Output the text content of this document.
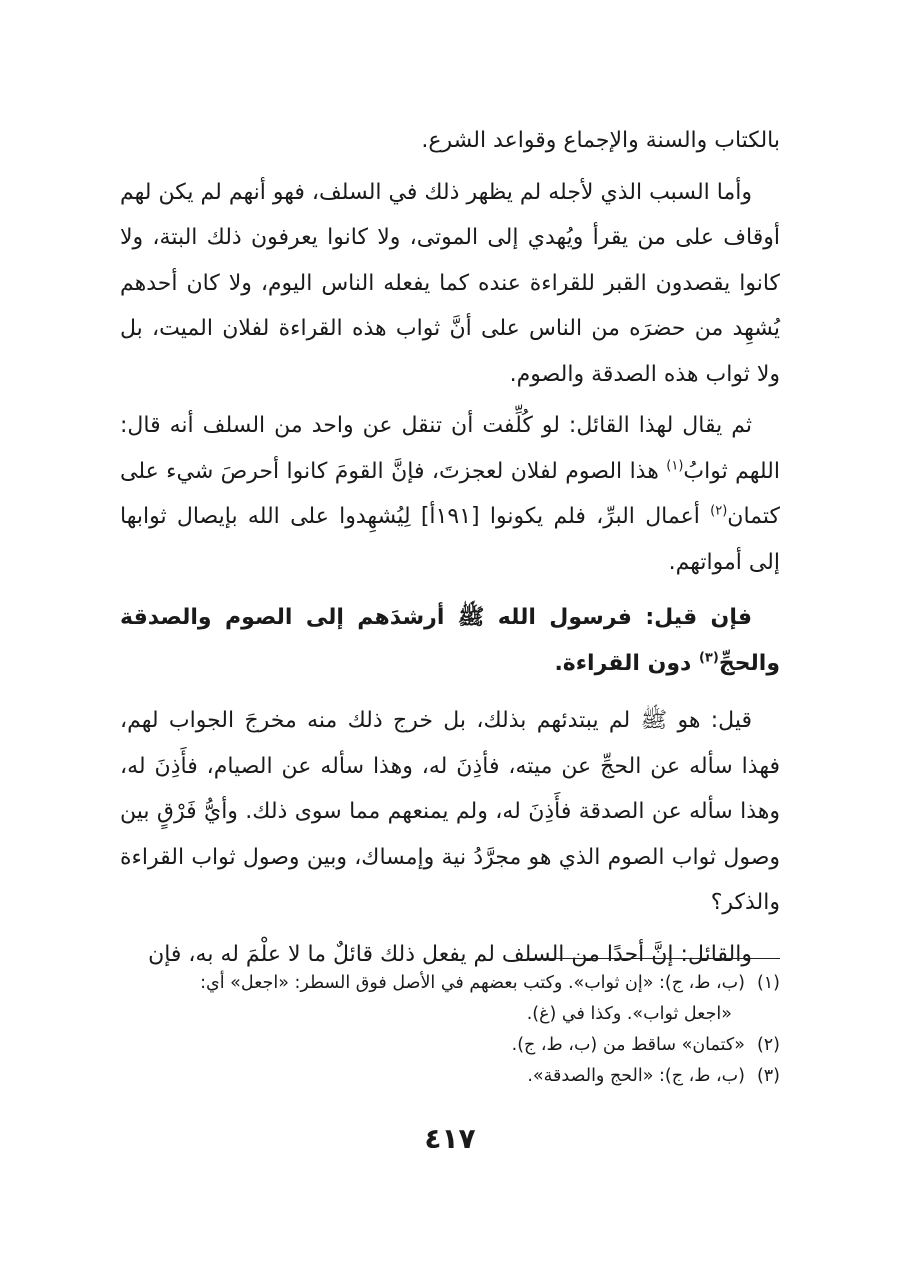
بالكتاب والسنة والإجماع وقواعد الشرع.

وأما السبب الذي لأجله لم يظهر ذلك في السلف، فهو أنهم لم يكن لهم أوقاف على من يقرأ ويُهدي إلى الموتى، ولا كانوا يعرفون ذلك البتة، ولا كانوا يقصدون القبر للقراءة عنده كما يفعله الناس اليوم، ولا كان أحدهم يُشهِد من حضرَه من الناس على أنَّ ثواب هذه القراءة لفلان الميت، بل ولا ثواب هذه الصدقة والصوم.

ثم يقال لهذا القائل: لو كُلِّفت أن تنقل عن واحد من السلف أنه قال: اللهم ثوابُ$^{(١)}$ هذا الصوم لفلان لعجزتَ، فإنَّ القومَ كانوا أحرصَ شيء على كتمان$^{(٢)}$ أعمال البرِّ، فلم يكونوا [١٩١أ] لِيُشهِدوا على الله بإيصال ثوابها إلى أمواتهم.

فإن قيل: فرسول الله ﷺ أرشدَهم إلى الصوم والصدقة والحجِّ$^{(٣)}$ دون القراءة.

قيل: هو ﷺ لم يبتدئهم بذلك، بل خرج ذلك منه مخرجَ الجواب لهم، فهذا سأله عن الحجِّ عن ميته، فأذِنَ له، وهذا سأله عن الصيام، فأَذِنَ له، وهذا سأله عن الصدقة فأَذِنَ له، ولم يمنعهم مما سوى ذلك. وأيُّ فَرْقٍ بين وصول ثواب الصوم الذي هو مجرَّدُ نية وإمساك، وبين وصول ثواب القراءة والذكر؟

والقائل: إنَّ أحدًا من السلف لم يفعل ذلك قائلٌ ما لا علْمَ له به، فإن

(١)(ب، ط، ج): «إن ثواب». وكتب بعضهم في الأصل فوق السطر: «اجعل» أي:

«اجعل ثواب». وكذا في (غ).

(٢)«كتمان» ساقط من (ب، ط، ج).

(٣)(ب، ط، ج): «الحج والصدقة».

٤١٧
